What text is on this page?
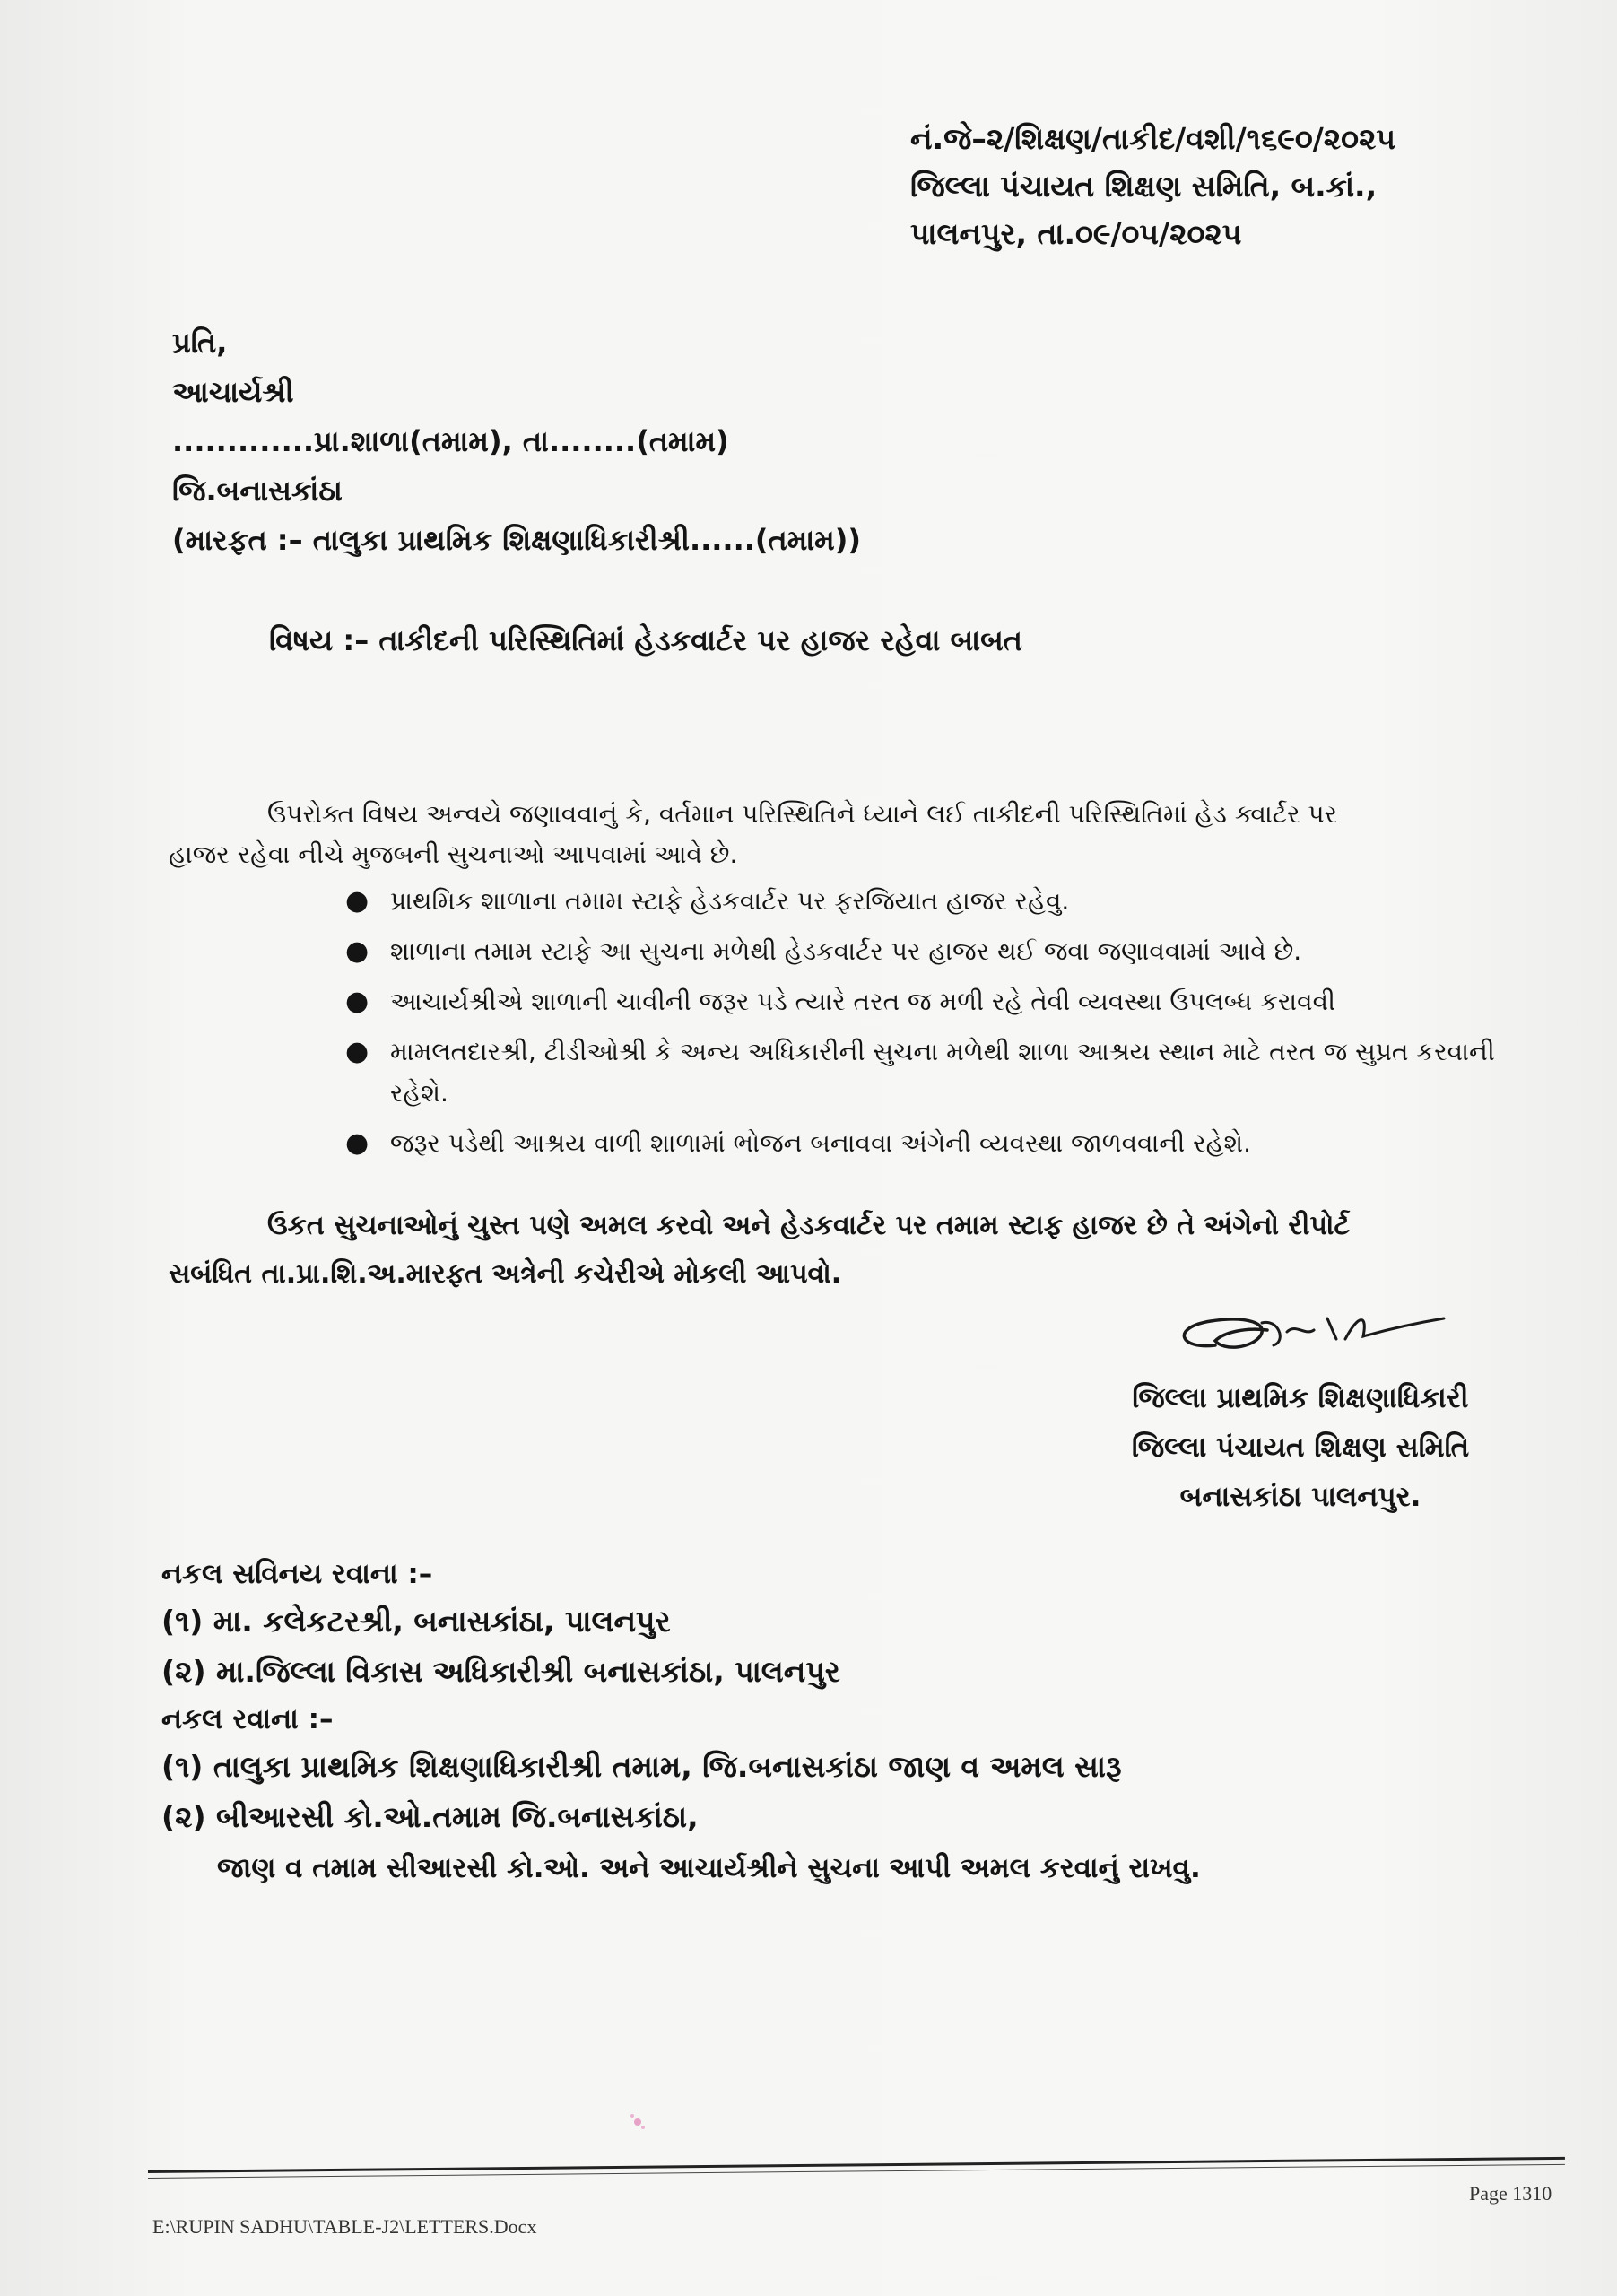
નં.જે–૨/શિક્ષણ/તાકીદ/વશી/૧૬૯૦/૨૦૨૫
જિલ્લા પંચાયત શિક્ષણ સમિતિ, બ.કાં.,
પાલનપુર, તા.૦૯/૦૫/૨૦૨૫
પ્રતિ,
આચાર્યશ્રી
.............પ્રા.શાળા(તમામ), તા........(તમામ)
જિ.બનાસકાંઠા
(મારફત :– તાલુકા પ્રાથમિક શિક્ષણાધિકારીશ્રી......(તમામ))
વિષય :– તાકીદની પરિસ્થિતિમાં હેડકવાર્ટર પર હાજર રહેવા બાબત
ઉપરોક્ત વિષય અન્વયે જણાવવાનું કે, વર્તમાન પરિસ્થિતિને ધ્યાને લઈ તાકીદની પરિસ્થિતિમાં હેડ ક્વાર્ટર પર
હાજર રહેવા નીચે મુજબની સુચનાઓ આપવામાં આવે છે.
● પ્રાથમિક શાળાના તમામ સ્ટાફે હેડકવાર્ટર પર ફરજિયાત હાજર રહેવુ.
● શાળાના તમામ સ્ટાફે આ સુચના મળેથી હેડકવાર્ટર પર હાજર થઈ જવા જણાવવામાં આવે છે.
● આચાર્યશ્રીએ શાળાની ચાવીની જરૂર પડે ત્યારે તરત જ મળી રહે તેવી વ્યવસ્થા ઉપલબ્ધ કરાવવી
● મામલતદારશ્રી, ટીડીઓશ્રી કે અન્ય અધિકારીની સુચના મળેથી શાળા આશ્રય સ્થાન માટે તરત જ સુપ્રત કરવાની રહેશે.
● જરૂર પડેથી આશ્રય વાળી શાળામાં ભોજન બનાવવા અંગેની વ્યવસ્થા જાળવવાની રહેશે.
ઉકત સુચનાઓનું ચુસ્ત પણે અમલ કરવો અને હેડકવાર્ટર પર તમામ સ્ટાફ હાજર છે તે અંગેનો રીપોર્ટ
સબંધિત તા.પ્રા.શિ.અ.મારફત અત્રેની કચેરીએ મોકલી આપવો.
જિલ્લા પ્રાથમિક શિક્ષણાધિકારી
જિલ્લા પંચાયત શિક્ષણ સમિતિ
બનાસકાંઠા પાલનપુર.
નકલ સવિનય રવાના :–
(૧) મા. કલેકટરશ્રી, બનાસકાંઠા, પાલનપુર
(૨) મા.જિલ્લા વિકાસ અધિકારીશ્રી બનાસકાંઠા, પાલનપુર
નકલ રવાના :–
(૧) તાલુકા પ્રાથમિક શિક્ષણાધિકારીશ્રી તમામ, જિ.બનાસકાંઠા જાણ વ અમલ સારૂ
(૨) બીઆરસી કો.ઓ.તમામ જિ.બનાસકાંઠા,
જાણ વ તમામ સીઆરસી કો.ઓ. અને આચાર્યશ્રીને સુચના આપી અમલ કરવાનું રાખવુ.
Page 1310
E:\RUPIN SADHU\TABLE-J2\LETTERS.Docx
